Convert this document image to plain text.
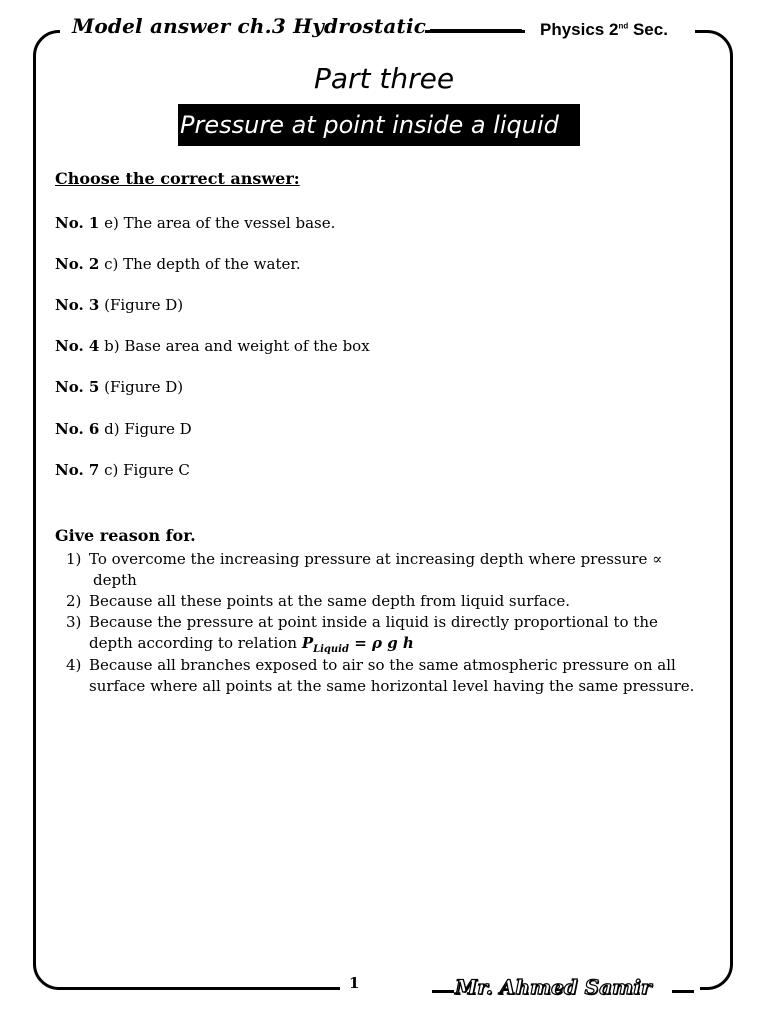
Model answer ch.3 Hydrostatic	Physics 2nd Sec.
Part three
Pressure at point inside a liquid
Choose the correct answer:
No. 1 e) The area of the vessel base.
No. 2 c) The depth of the water.
No. 3 (Figure D)
No. 4 b) Base area and weight of the box
No. 5 (Figure D)
No. 6 d) Figure D
No. 7 c) Figure C
Give reason for.
1) To overcome the increasing pressure at increasing depth where pressure ∝
depth
2) Because all these points at the same depth from liquid surface.
3) Because the pressure at point inside a liquid is directly proportional to the
depth according to relation $P_{Liquid} = \rho$ g h
4) Because all branches exposed to air so the same atmospheric pressure on all
surface where all points at the same horizontal level having the same pressure.
1	Mr. Ahmed Samir
